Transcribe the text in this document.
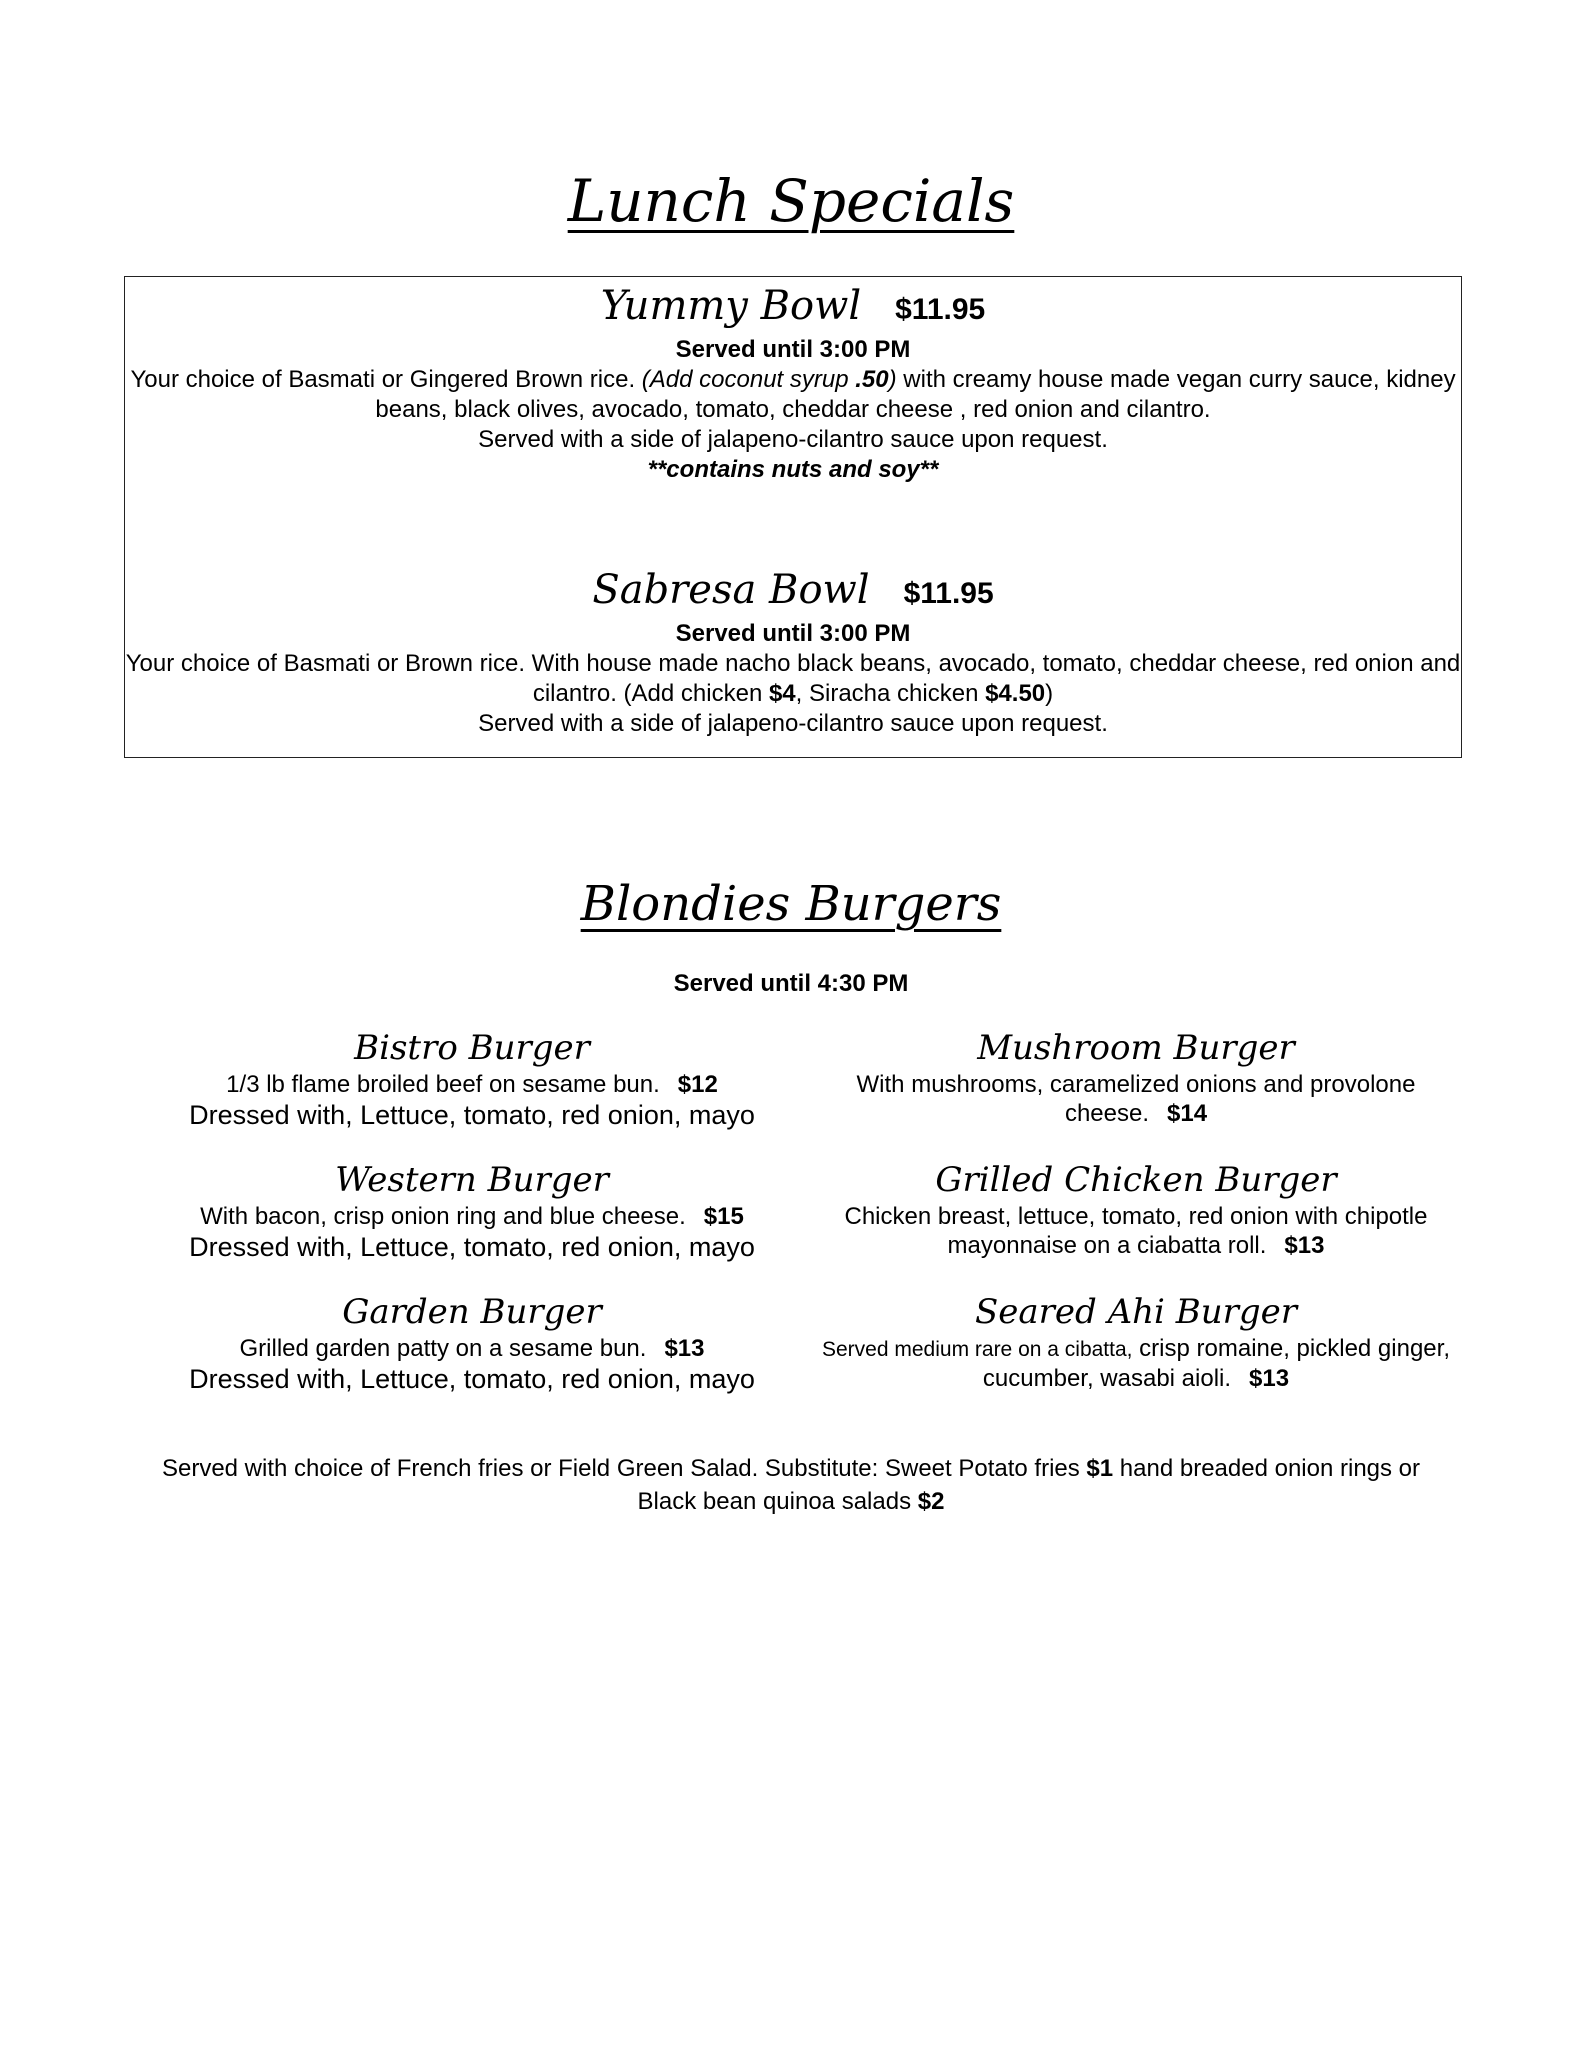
Lunch Specials
Yummy Bowl $11.95
Served until 3:00 PM
Your choice of Basmati or Gingered Brown rice. (Add coconut syrup .50) with creamy house made vegan curry sauce, kidney beans, black olives, avocado, tomato, cheddar cheese , red onion and cilantro.
Served with a side of jalapeno-cilantro sauce upon request.
**contains nuts and soy**
Sabresa Bowl $11.95
Served until 3:00 PM
Your choice of Basmati or Brown rice. With house made nacho black beans, avocado, tomato, cheddar cheese, red onion and cilantro. (Add chicken $4, Siracha chicken $4.50)
Served with a side of jalapeno-cilantro sauce upon request.
Blondies Burgers
Served until 4:30 PM
Bistro Burger
1/3 lb flame broiled beef on sesame bun. $12
Dressed with, Lettuce, tomato, red onion, mayo
Western Burger
With bacon, crisp onion ring and blue cheese. $15
Dressed with, Lettuce, tomato, red onion, mayo
Garden Burger
Grilled garden patty on a sesame bun. $13
Dressed with, Lettuce, tomato, red onion, mayo
Mushroom Burger
With mushrooms, caramelized onions and provolone cheese. $14
Grilled Chicken Burger
Chicken breast, lettuce, tomato, red onion with chipotle mayonnaise on a ciabatta roll. $13
Seared Ahi Burger
Served medium rare on a cibatta, crisp romaine, pickled ginger, cucumber, wasabi aioli. $13
Served with choice of French fries or Field Green Salad. Substitute: Sweet Potato fries $1 hand breaded onion rings or Black bean quinoa salads $2
